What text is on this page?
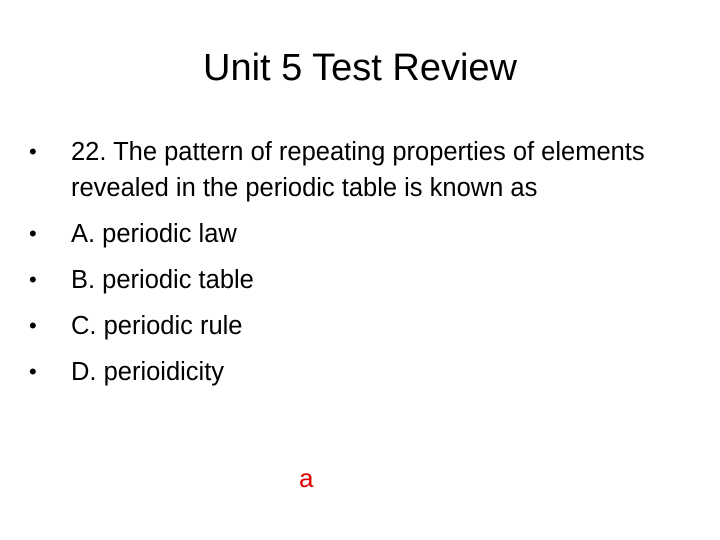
Unit 5 Test Review
• 22. The pattern of repeating properties of elements revealed in the periodic table is known as
• A. periodic law
• B. periodic table
• C. periodic rule
• D. perioidicity
a
